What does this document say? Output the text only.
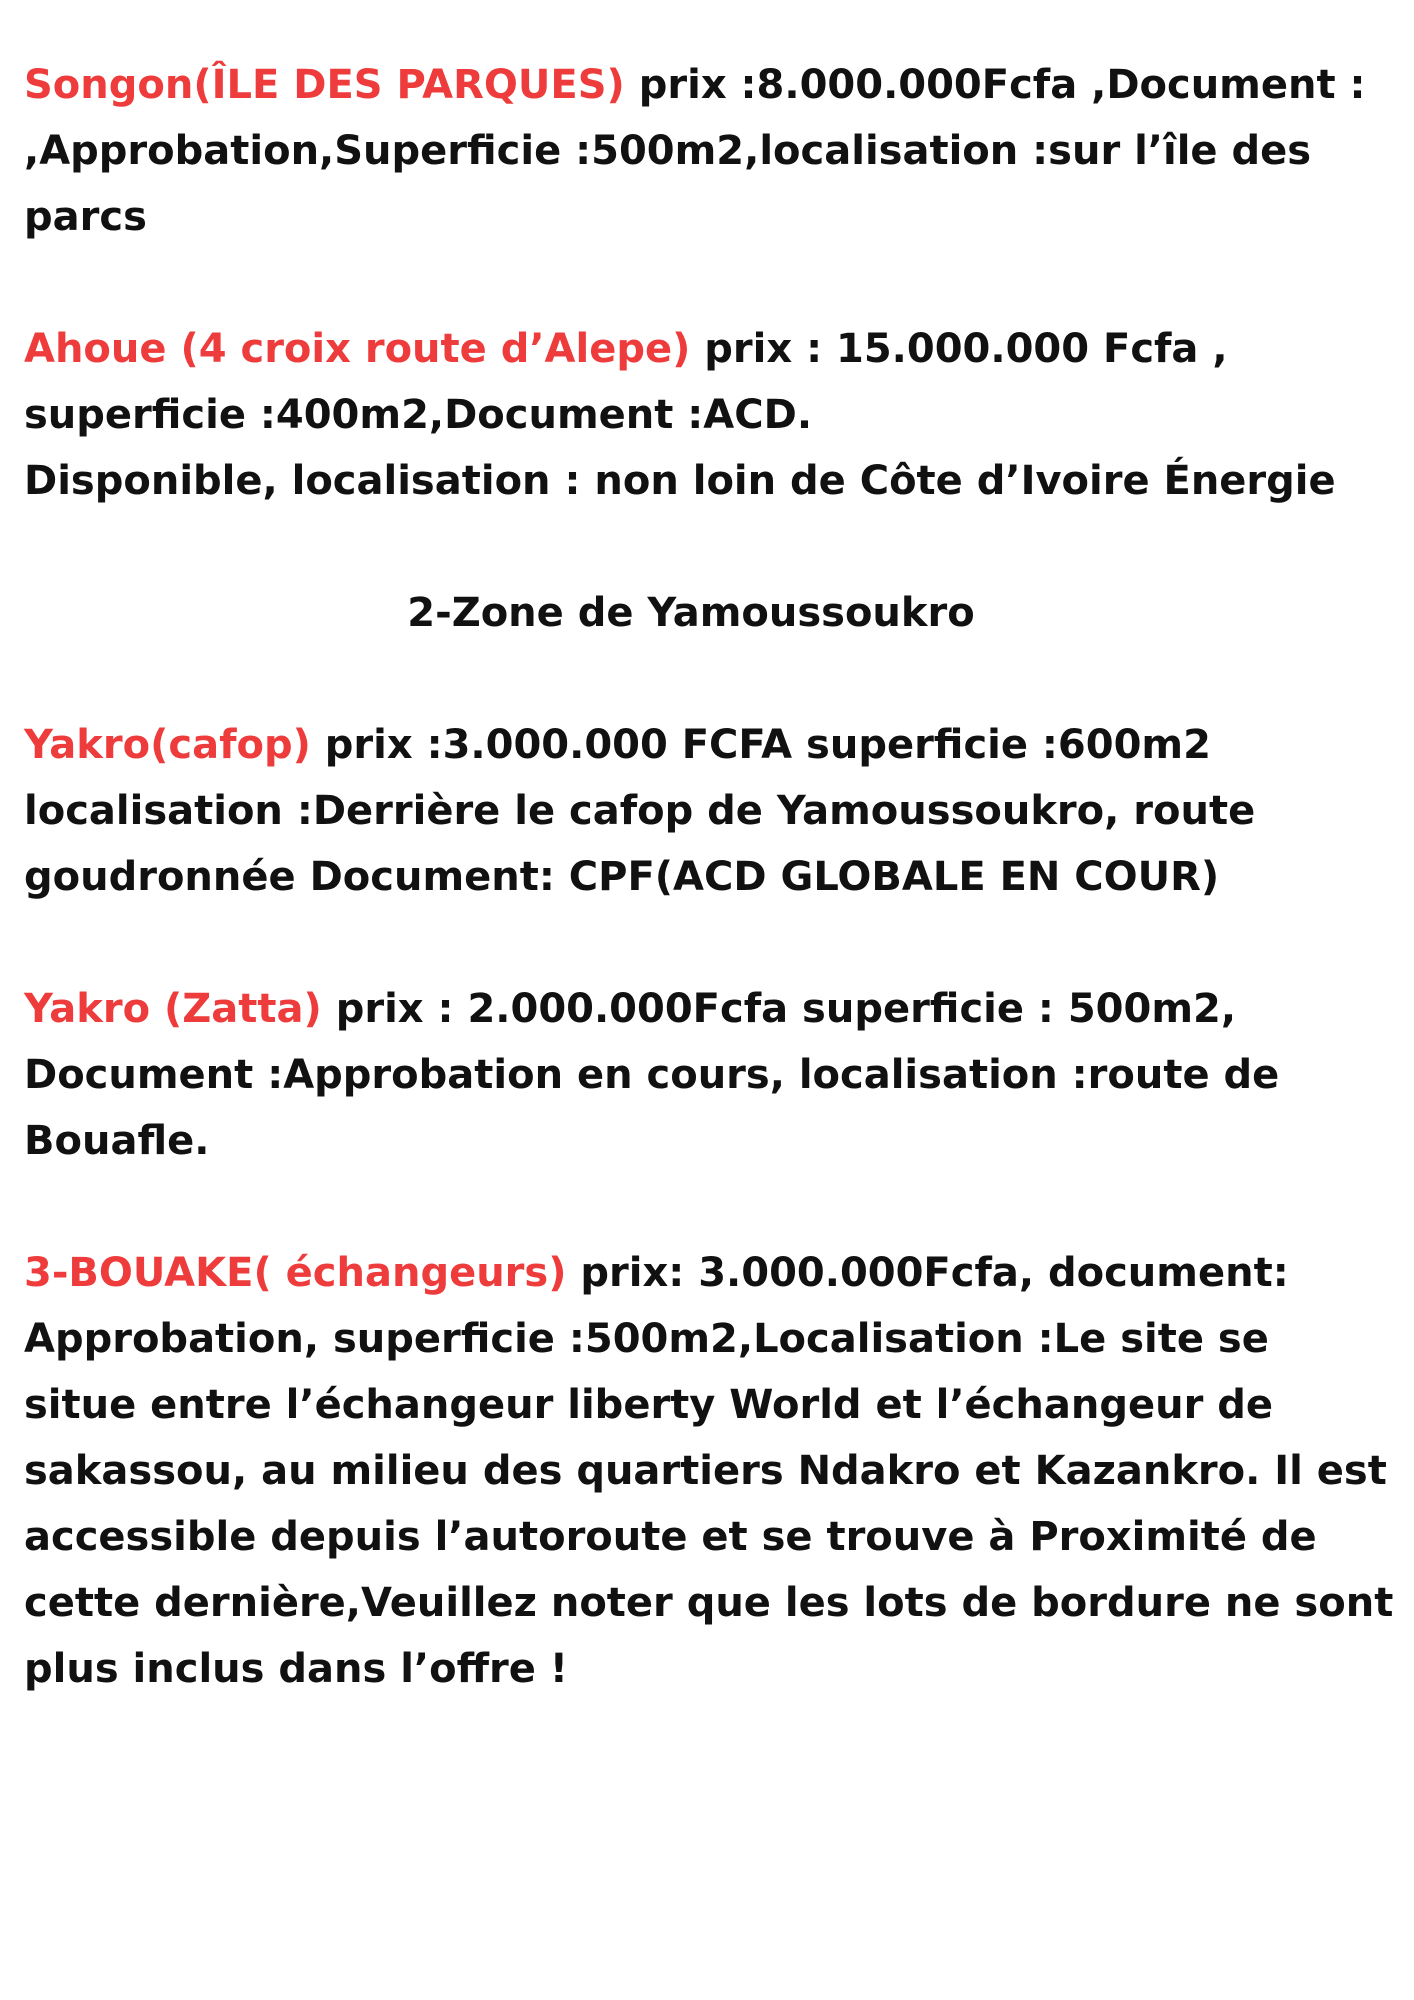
Songon(ÎLE DES PARQUES) prix :8.000.000Fcfa ,Document : ,Approbation,Superficie :500m2,localisation :sur l’île des parcs

Ahoue (4 croix route d’Alepe) prix : 15.000.000 Fcfa , superficie :400m2,Document :ACD.
Disponible, localisation : non loin de Côte d’Ivoire Énergie

2-Zone de Yamoussoukro

Yakro(cafop) prix :3.000.000 FCFA superficie :600m2 localisation :Derrière le cafop de Yamoussoukro, route goudronnée Document: CPF(ACD GLOBALE EN COUR)

Yakro (Zatta) prix : 2.000.000Fcfa superficie : 500m2, Document :Approbation en cours, localisation :route de Bouafle.

3-BOUAKE( échangeurs) prix: 3.000.000Fcfa, document: Approbation, superficie :500m2,Localisation :Le site se situe entre l’échangeur liberty World et l’échangeur de sakassou, au milieu des quartiers Ndakro et Kazankro. Il est accessible depuis l’autoroute et se trouve à Proximité de cette dernière,Veuillez noter que les lots de bordure ne sont plus inclus dans l’offre !
